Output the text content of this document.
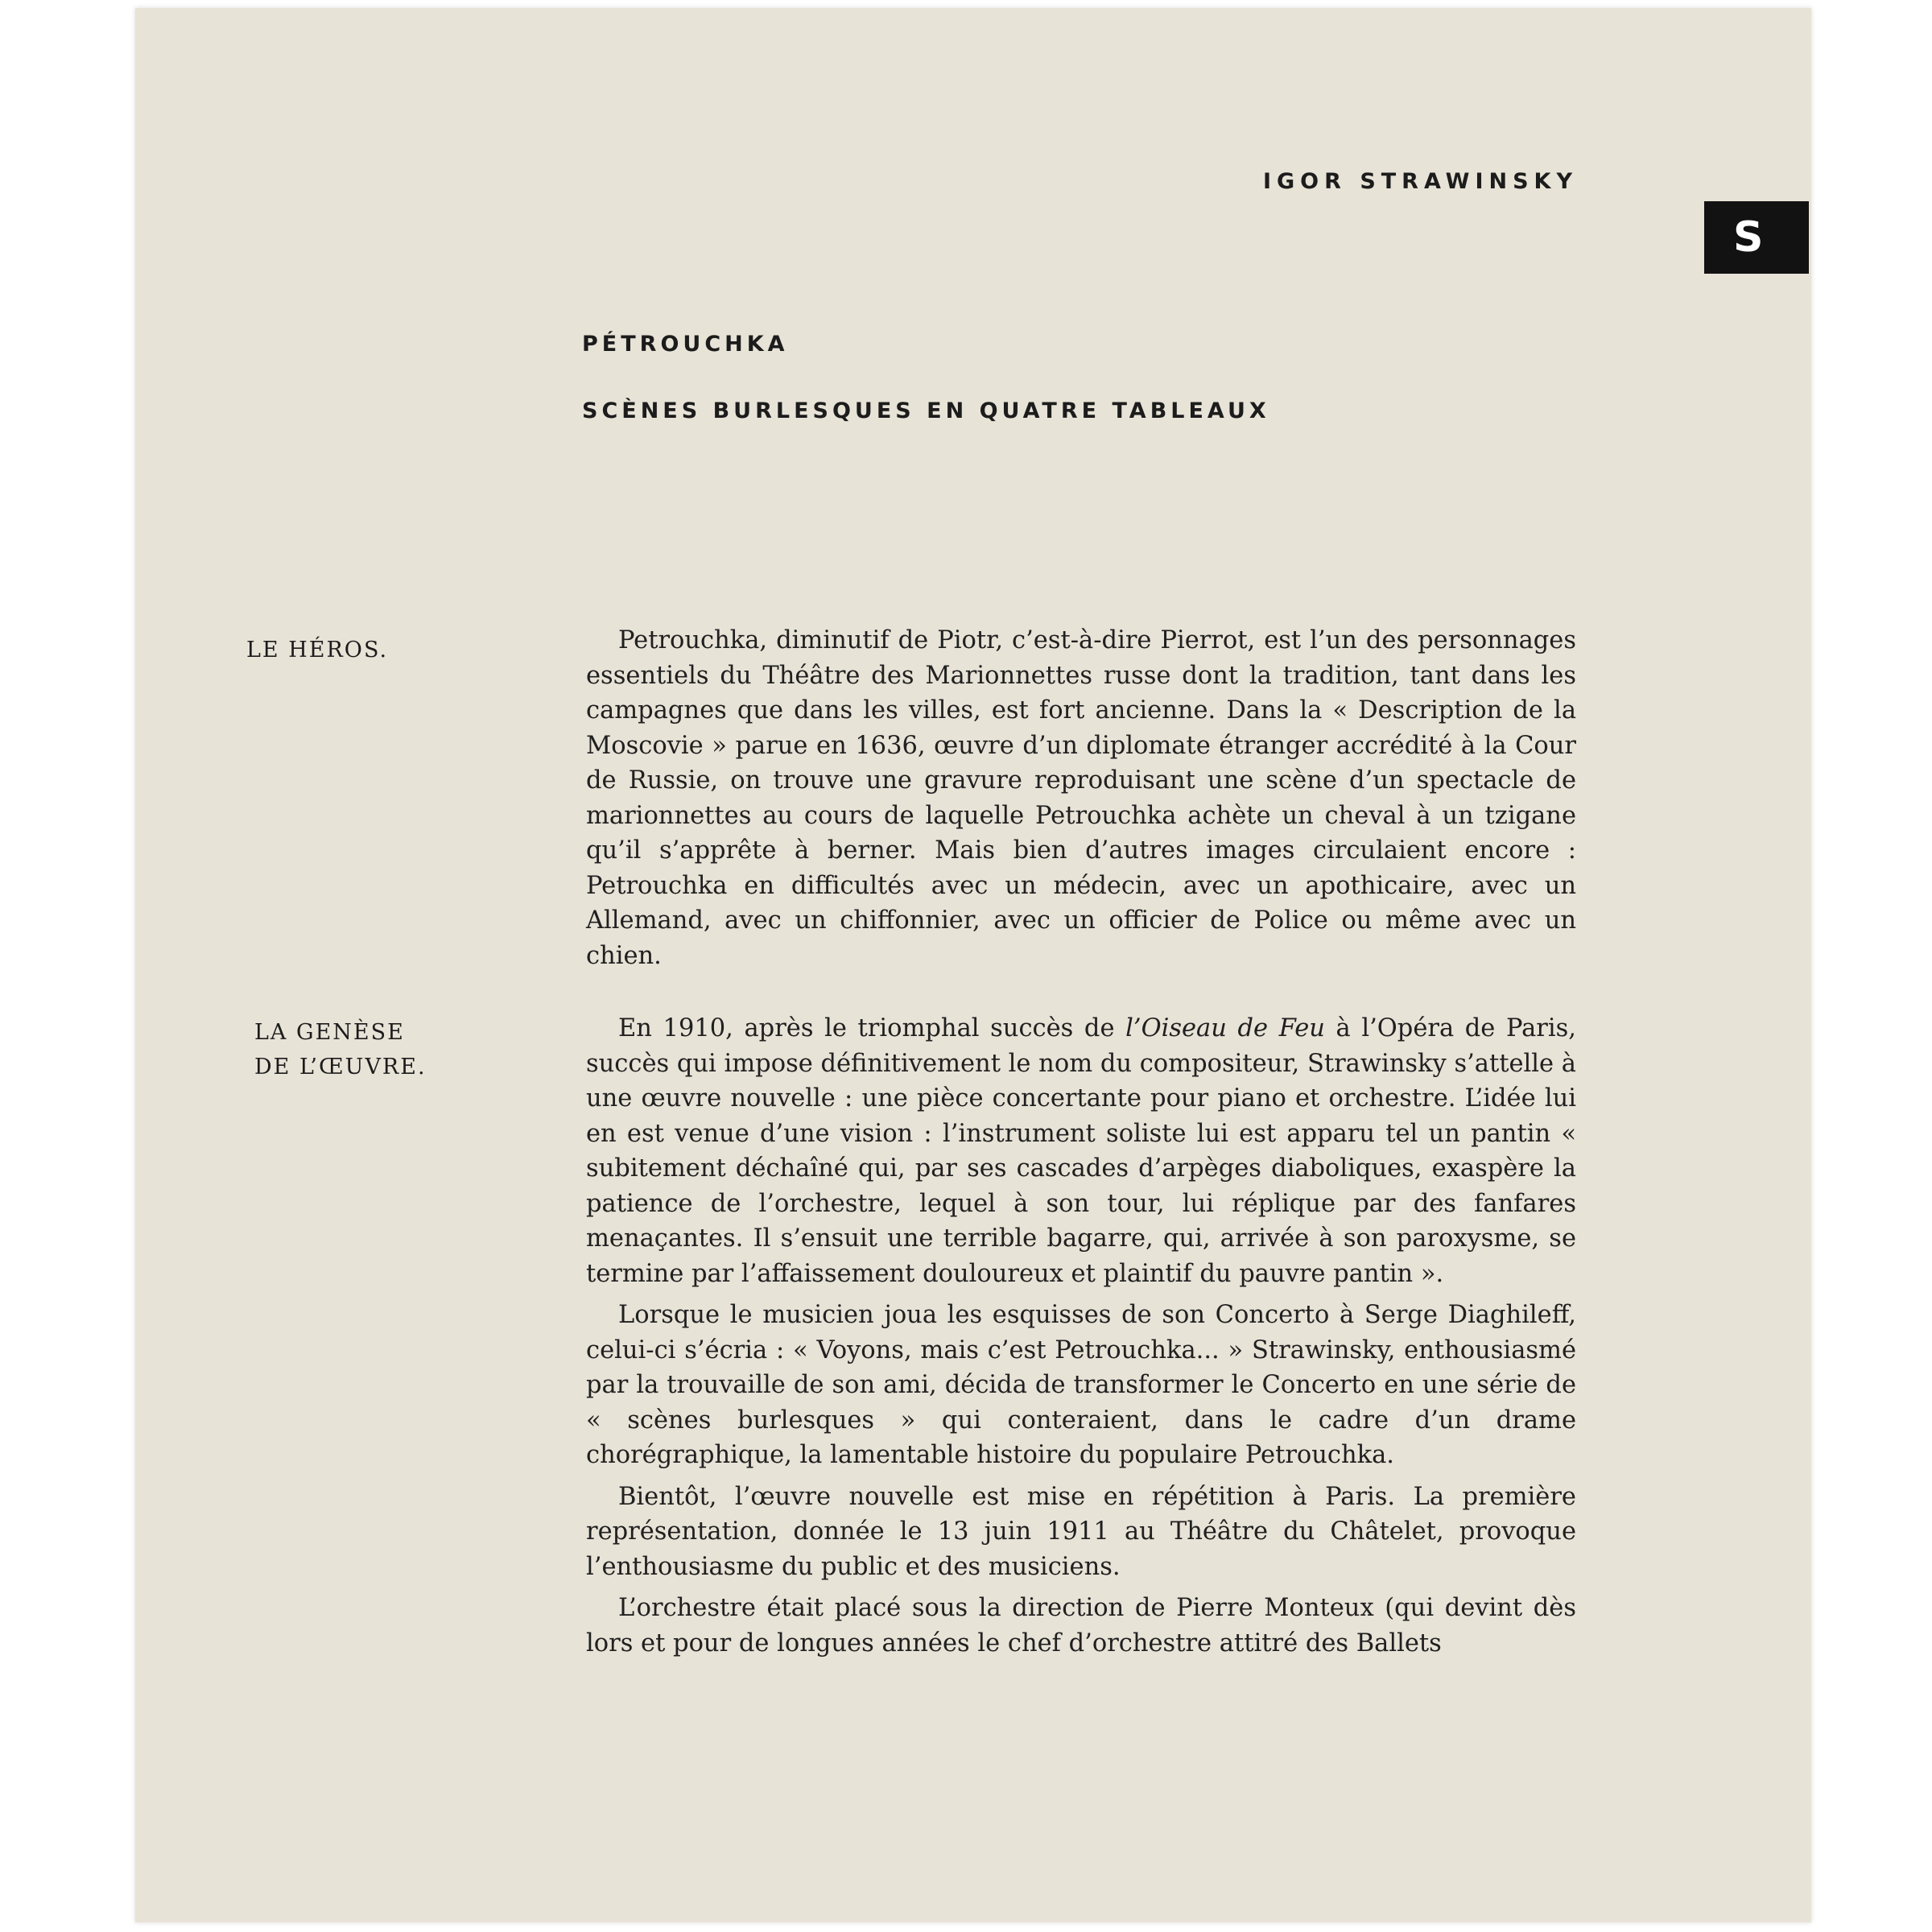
S
IGOR STRAWINSKY
PÉTROUCHKA
SCÈNES BURLESQUES EN QUATRE TABLEAUX
LE HÉROS.	Petrouchka, diminutif de Piotr, c’est-à-dire Pierrot, est l’un des personnages essentiels du Théâtre des Marionnettes russe dont la tradition, tant dans les campagnes que dans les villes, est fort ancienne. Dans la « Description de la Moscovie » parue en 1636, œuvre d’un diplomate étranger accrédité à la Cour de Russie, on trouve une gravure reproduisant une scène d’un spectacle de marionnettes au cours de laquelle Petrouchka achète un cheval à un tzigane qu’il s’apprête à berner. Mais bien d’autres images circulaient encore : Petrouchka en difficultés avec un médecin, avec un apothicaire, avec un Allemand, avec un chiffonnier, avec un officier de Police ou même avec un chien.

LA GENÈSE
DE L’ŒUVRE.

En 1910, après le triomphal succès de l’Oiseau de Feu à l’Opéra de Paris, succès qui impose définitivement le nom du compositeur, Strawinsky s’attelle à une œuvre nouvelle : une pièce concertante pour piano et orchestre. L’idée lui en est venue d’une vision : l’instrument soliste lui est apparu tel un pantin « subitement déchaîné qui, par ses cascades d’arpèges diaboliques, exaspère la patience de l’orchestre, lequel à son tour, lui réplique par des fanfares menaçantes. Il s’ensuit une terrible bagarre, qui, arrivée à son paroxysme, se termine par l’affaissement douloureux et plaintif du pauvre pantin ».

Lorsque le musicien joua les esquisses de son Concerto à Serge Diaghileff, celui-ci s’écria : « Voyons, mais c’est Petrouchka... » Strawinsky, enthousiasmé par la trouvaille de son ami, décida de transformer le Concerto en une série de « scènes burlesques » qui conteraient, dans le cadre d’un drame chorégraphique, la lamentable histoire du populaire Petrouchka.

Bientôt, l’œuvre nouvelle est mise en répétition à Paris. La première représentation, donnée le 13 juin 1911 au Théâtre du Châtelet, provoque l’enthousiasme du public et des musiciens.

L’orchestre était placé sous la direction de Pierre Monteux (qui devint dès lors et pour de longues années le chef d’orchestre attitré des Ballets
